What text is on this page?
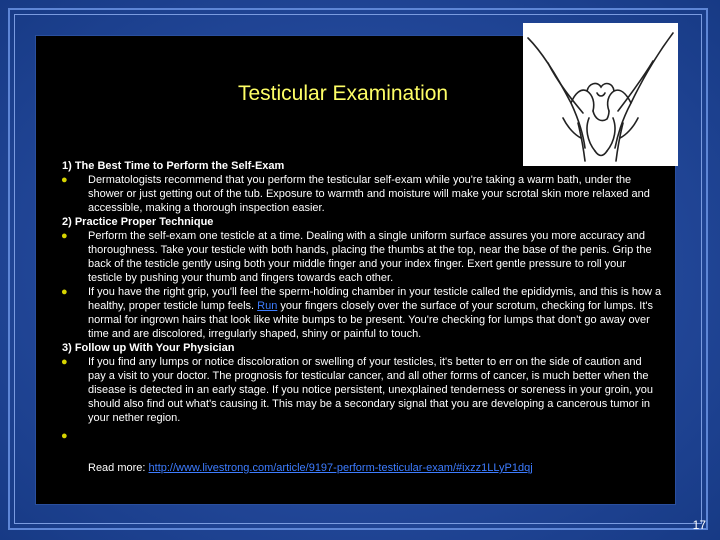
Testicular Examination

1) The Best Time to Perform the Self-Exam

● Dermatologists recommend that you perform the testicular self-exam while you're taking a warm bath, under the shower or just getting out of the tub. Exposure to warmth and moisture will make your scrotal skin more relaxed and accessible, making a thorough inspection easier.

2) Practice Proper Technique

● Perform the self-exam one testicle at a time. Dealing with a single uniform surface assures you more accuracy and thoroughness. Take your testicle with both hands, placing the thumbs at the top, near the base of the penis. Grip the back of the testicle gently using both your middle finger and your index finger. Exert gentle pressure to roll your testicle by pushing your thumb and fingers towards each other.
● If you have the right grip, you'll feel the sperm-holding chamber in your testicle called the epididymis, and this is how a healthy, proper testicle lump feels. Run your fingers closely over the surface of your scrotum, checking for lumps. It's normal for ingrown hairs that look like white bumps to be present. You're checking for lumps that don't go away over time and are discolored, irregularly shaped, shiny or painful to touch.

3) Follow up With Your Physician

● If you find any lumps or notice discoloration or swelling of your testicles, it's better to err on the side of caution and pay a visit to your doctor. The prognosis for testicular cancer, and all other forms of cancer, is much better when the disease is detected in an early stage. If you notice persistent, unexplained tenderness or soreness in your groin, you should also find out what's causing it. This may be a secondary signal that you are developing a cancerous tumor in your nether region.
●

Read more: http://www.livestrong.com/article/9197-perform-testicular-exam/#ixzz1LLyP1dqj
17
